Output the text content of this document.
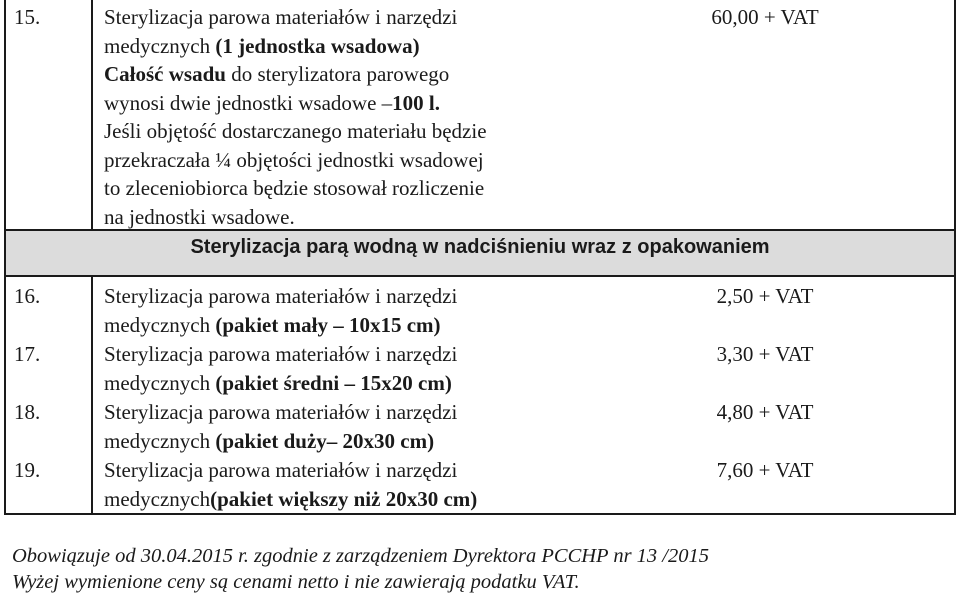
15.	Sterylizacja parowa materiałów i narzędzi
medycznych (1 jednostka wsadowa)
Całość wsadu do sterylizatora parowego
wynosi dwie jednostki wsadowe –100 l.
Jeśli objętość dostarczanego materiału będzie
przekraczała ¼ objętości jednostki wsadowej
to zleceniobiorca będzie stosował rozliczenie
na jednostki wsadowe.
60,00 + VAT
Sterylizacja parą wodną w nadciśnieniu wraz z opakowaniem
16.	Sterylizacja parowa materiałów i narzędzi
medycznych (pakiet mały – 10x15 cm)
2,50 + VAT
17.	Sterylizacja parowa materiałów i narzędzi
medycznych (pakiet średni – 15x20 cm)
3,30 + VAT
18.	Sterylizacja parowa materiałów i narzędzi
medycznych (pakiet duży– 20x30 cm)
4,80 + VAT
19.	Sterylizacja parowa materiałów i narzędzi
medycznych(pakiet większy niż 20x30 cm)
7,60 + VAT
Obowiązuje od 30.04.2015 r. zgodnie z zarządzeniem Dyrektora PCCHP nr 13 /2015
Wyżej wymienione ceny są cenami netto i nie zawierają podatku VAT.
